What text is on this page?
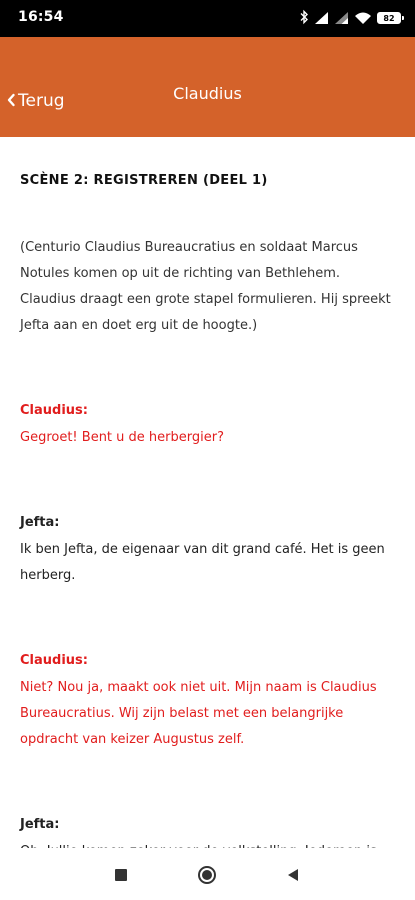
16:54	82
Terug	Claudius
SCÈNE 2: REGISTREREN (DEEL 1)

(Centurio Claudius Bureaucratius en soldaat Marcus Notules komen op uit de richting van Bethlehem. Claudius draagt een grote stapel formulieren. Hij spreekt Jefta aan en doet erg uit de hoogte.)

Claudius:

Gegroet! Bent u de herbergier?

Jefta:

Ik ben Jefta, de eigenaar van dit grand café. Het is geen herberg.

Claudius:

Niet? Nou ja, maakt ook niet uit. Mijn naam is Claudius Bureaucratius. Wij zijn belast met een belangrijke opdracht van keizer Augustus zelf.

Jefta:
